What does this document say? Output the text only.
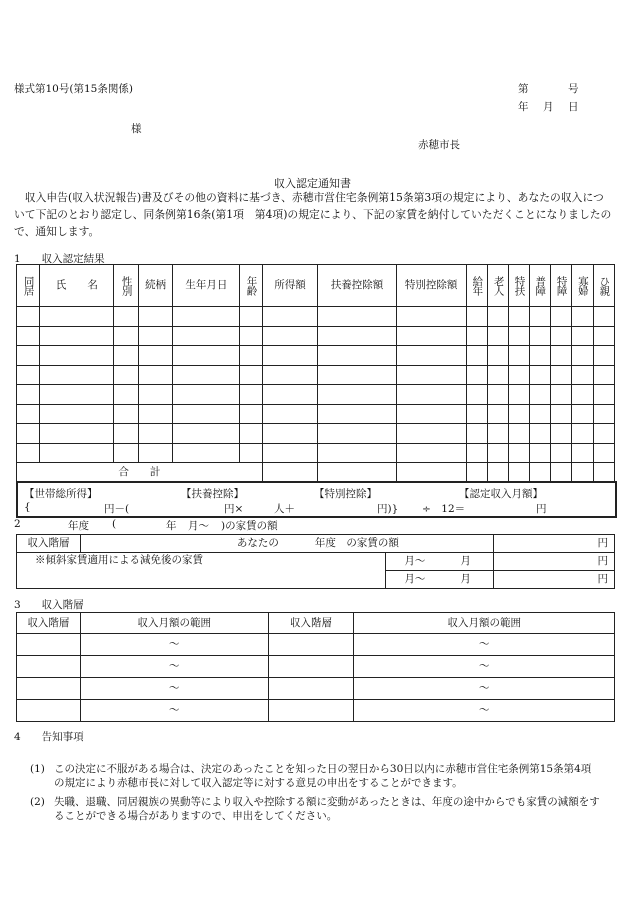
様式第10号(第15条関係)	第	号
年 月 日
様
赤穂市長
収入認定通知書
　収入申告(収入状況報告)書及びその他の資料に基づき、赤穂市営住宅条例第15条第3項の規定により、あなたの収入について下記のとおり認定し、同条例第16条(第1項　第4項)の規定により、下記の家賃を納付していただくことになりましたので、通知します。
1　　収入認定結果
同居	氏　　名	性別	続柄	生年月日	年齢	所得額	扶養控除額	特別控除額	給年	老人	特扶	普障	特障	寡婦	ひ親

合　　計															
【世帯総所得】	【扶養控除】	【特別控除】	【認定収入月額】
{	円－(	円×	人＋	円)} ÷　12＝	円
2	年度 (	年 月～ )の家賃の額
収入階層	あなたの 年度　の家賃の額		円
※傾斜家賃適用による減免後の家賃		月～ 月	円

		月～ 月	円
3　　収入階層
収入階層	収入月額の範囲	収入階層	収入月額の範囲
	～		～
	～		～
	～		～
	～		～
4　　告知事項
(1) この決定に不服がある場合は、決定のあったことを知った日の翌日から30日以内に赤穂市営住宅条例第15条第4項の規定により赤穂市長に対して収入認定等に対する意見の申出をすることができます。
(2) 失職、退職、同居親族の異動等により収入や控除する額に変動があったときは、年度の途中からでも家賃の減額をすることができる場合がありますので、申出をしてください。
